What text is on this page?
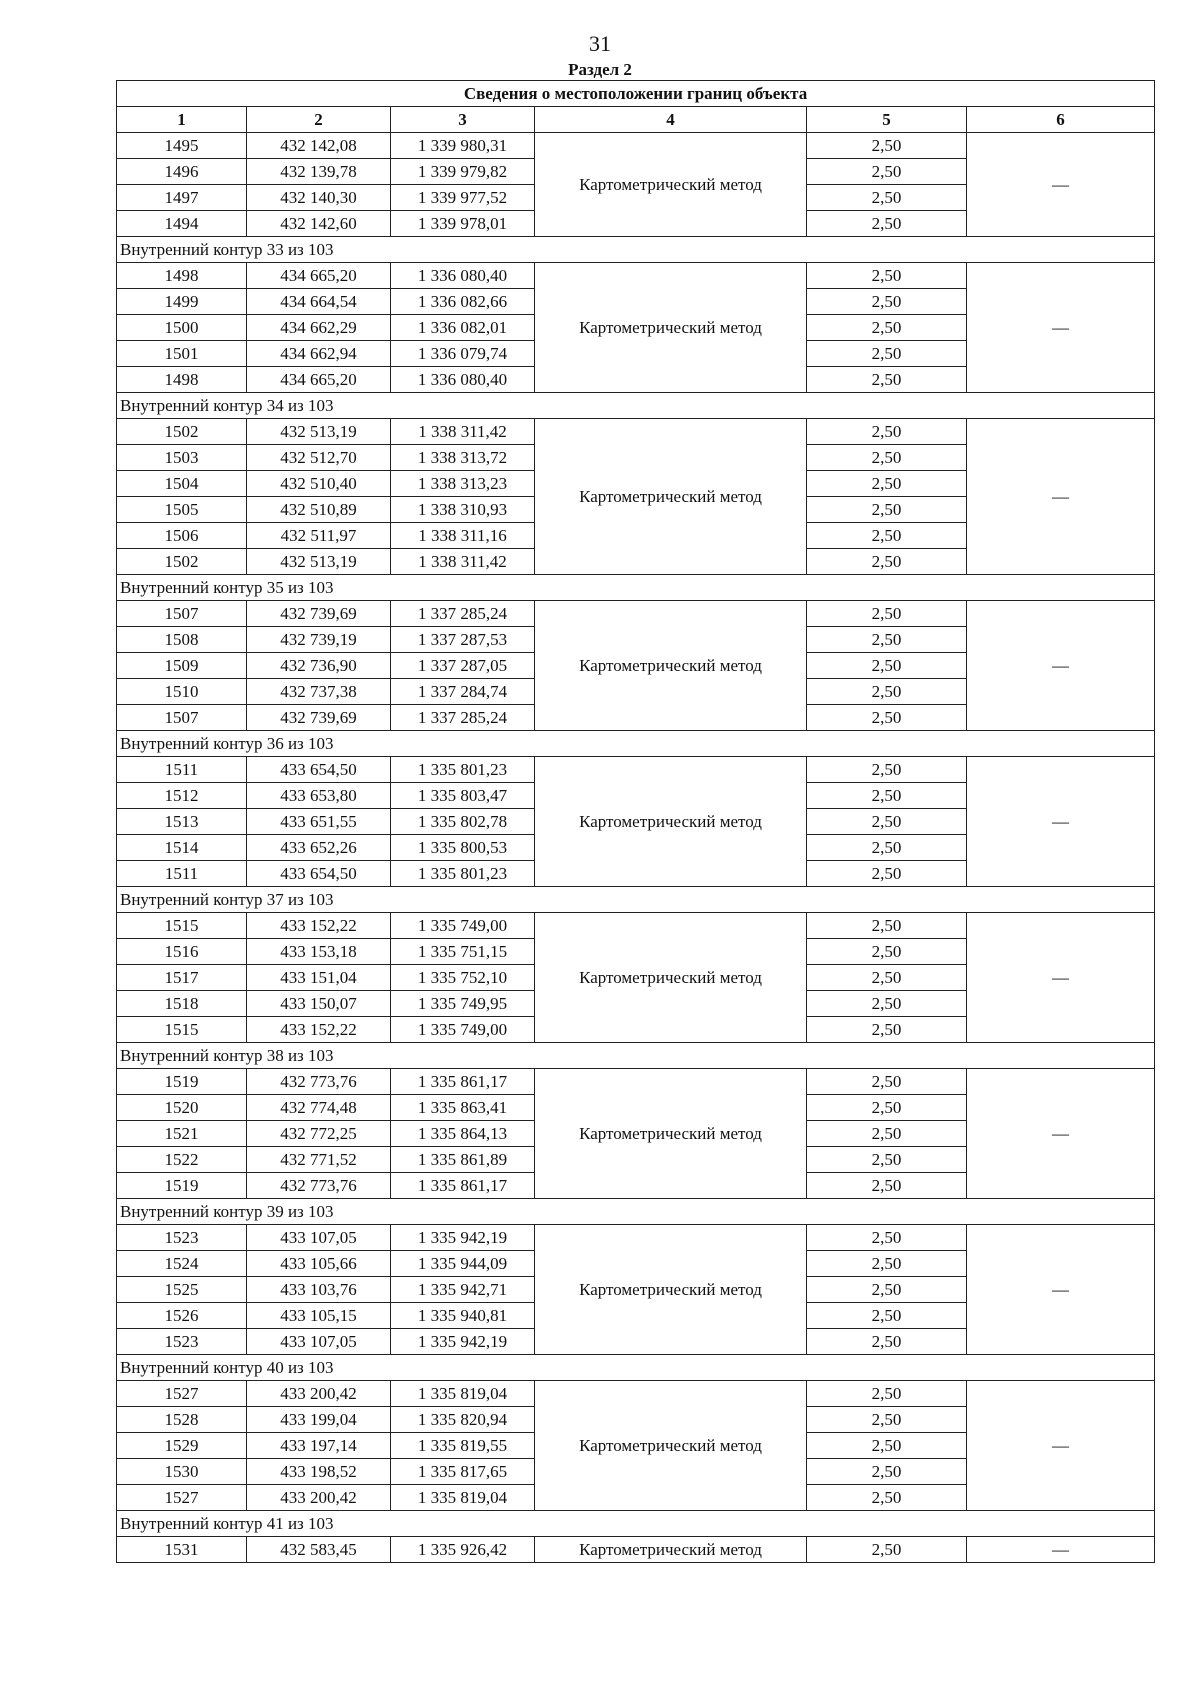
31
Раздел 2
Сведения о местоположении границ объекта					
1	2	3	4	5	6
1495	432 142,08	1 339 980,31	Картометрический метод	2,50	—
1496	432 139,78	1 339 979,82		2,50	
1497	432 140,30	1 339 977,52		2,50	
1494	432 142,60	1 339 978,01		2,50	
Внутренний контур 33 из 103					
1498	434 665,20	1 336 080,40	Картометрический метод	2,50	—
1499	434 664,54	1 336 082,66		2,50	
1500	434 662,29	1 336 082,01		2,50	
1501	434 662,94	1 336 079,74		2,50	
1498	434 665,20	1 336 080,40		2,50	
Внутренний контур 34 из 103					
1502	432 513,19	1 338 311,42	Картометрический метод	2,50	—
1503	432 512,70	1 338 313,72		2,50	
1504	432 510,40	1 338 313,23		2,50	
1505	432 510,89	1 338 310,93		2,50	
1506	432 511,97	1 338 311,16		2,50	
1502	432 513,19	1 338 311,42		2,50	
Внутренний контур 35 из 103					
1507	432 739,69	1 337 285,24	Картометрический метод	2,50	—
1508	432 739,19	1 337 287,53		2,50	
1509	432 736,90	1 337 287,05		2,50	
1510	432 737,38	1 337 284,74		2,50	
1507	432 739,69	1 337 285,24		2,50	
Внутренний контур 36 из 103					
1511	433 654,50	1 335 801,23	Картометрический метод	2,50	—
1512	433 653,80	1 335 803,47		2,50	
1513	433 651,55	1 335 802,78		2,50	
1514	433 652,26	1 335 800,53		2,50	
1511	433 654,50	1 335 801,23		2,50	
Внутренний контур 37 из 103					
1515	433 152,22	1 335 749,00	Картометрический метод	2,50	—
1516	433 153,18	1 335 751,15		2,50	
1517	433 151,04	1 335 752,10		2,50	
1518	433 150,07	1 335 749,95		2,50	
1515	433 152,22	1 335 749,00		2,50	
Внутренний контур 38 из 103					
1519	432 773,76	1 335 861,17	Картометрический метод	2,50	—
1520	432 774,48	1 335 863,41		2,50	
1521	432 772,25	1 335 864,13		2,50	
1522	432 771,52	1 335 861,89		2,50	
1519	432 773,76	1 335 861,17		2,50	
Внутренний контур 39 из 103					
1523	433 107,05	1 335 942,19	Картометрический метод	2,50	—
1524	433 105,66	1 335 944,09		2,50	
1525	433 103,76	1 335 942,71		2,50	
1526	433 105,15	1 335 940,81		2,50	
1523	433 107,05	1 335 942,19		2,50	
Внутренний контур 40 из 103					
1527	433 200,42	1 335 819,04	Картометрический метод	2,50	—
1528	433 199,04	1 335 820,94		2,50	
1529	433 197,14	1 335 819,55		2,50	
1530	433 198,52	1 335 817,65		2,50	
1527	433 200,42	1 335 819,04		2,50	
Внутренний контур 41 из 103					
1531	432 583,45	1 335 926,42	Картометрический метод	2,50	—
